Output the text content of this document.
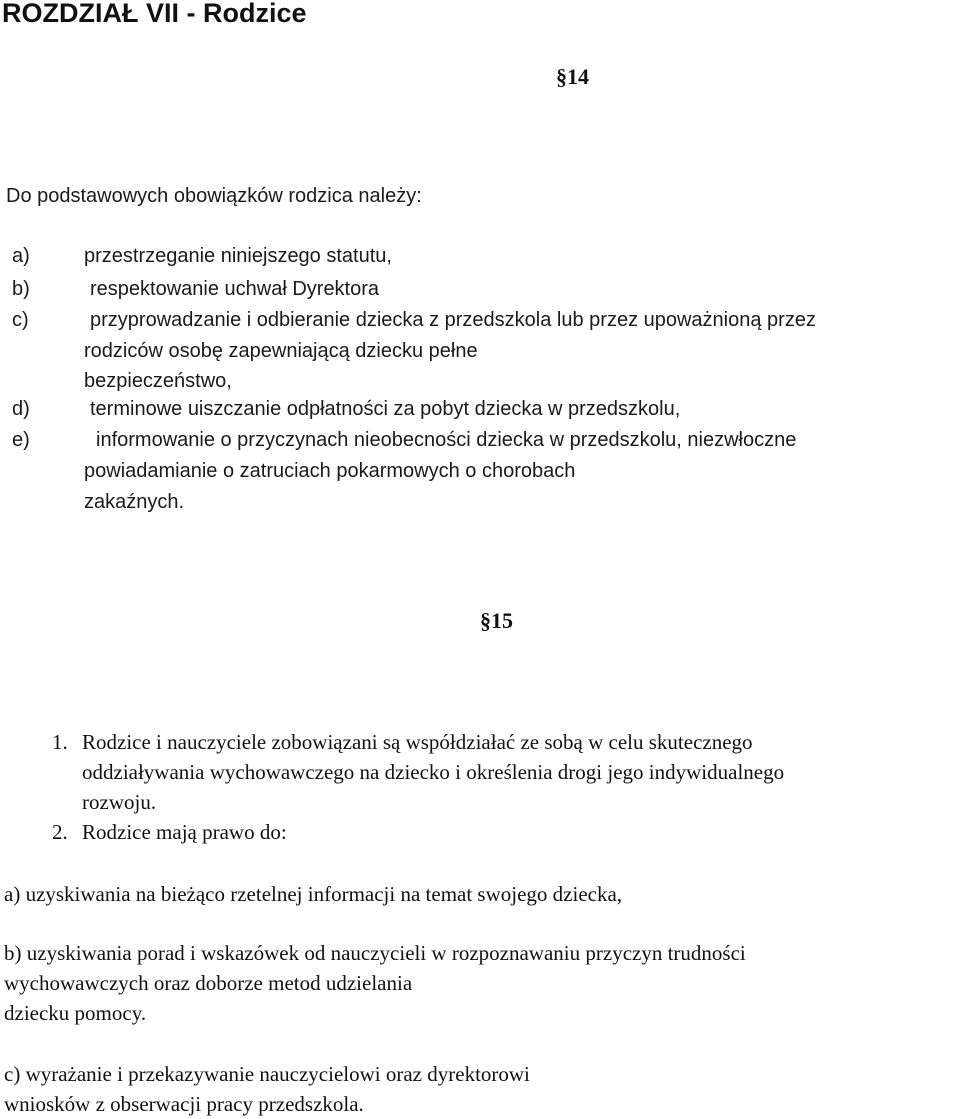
ROZDZIAŁ VII - Rodzice
§14
Do podstawowych obowiązków rodzica należy:
a)	przestrzeganie niniejszego statutu,
b)	respektowanie uchwał Dyrektora
c)	przyprowadzanie i odbieranie dziecka z przedszkola lub przez upoważnioną przez
rodziców osobę zapewniającą dziecku pełne
bezpieczeństwo,
d)	terminowe uiszczanie odpłatności za pobyt dziecka w przedszkolu,
e)	informowanie o przyczynach nieobecności dziecka w przedszkolu, niezwłoczne
powiadamianie o zatruciach pokarmowych o chorobach
zakaźnych.
§15
1. Rodzice i nauczyciele zobowiązani są współdziałać ze sobą w celu skutecznego
oddziaływania wychowawczego na dziecko i określenia drogi jego indywidualnego
rozwoju.
2. Rodzice mają prawo do:
a) uzyskiwania na bieżąco rzetelnej informacji na temat swojego dziecka,
b) uzyskiwania porad i wskazówek od nauczycieli w rozpoznawaniu przyczyn trudności
wychowawczych oraz doborze metod udzielania
dziecku pomocy.
c) wyrażanie i przekazywanie nauczycielowi oraz dyrektorowi
wniosków z obserwacji pracy przedszkola.
